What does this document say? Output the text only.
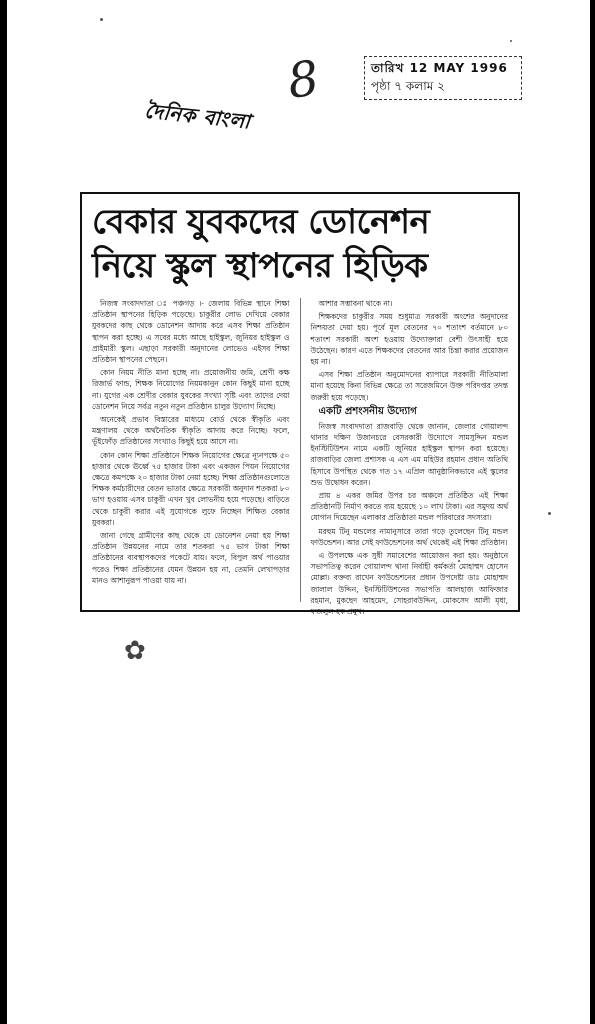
তারিখ 12 MAY 1996
পৃষ্ঠা ৭ কলাম ২
8
দৈনিক বাংলা
বেকার যুবকদের ডোনেশন
নিয়ে স্কুল স্থাপনের হিড়িক

নিজস্ব সংবাদদাতা ঃ পঞ্চগড় ।- জেলায় বিভিন্ন স্থানে শিক্ষা প্রতিষ্ঠান স্থাপনের হিড়িক পড়েছে। চাকুরীর লোভ দেখিয়ে বেকার যুবকদের কাছ থেকে ডোনেশন আদায় করে এসব শিক্ষা প্রতিষ্ঠান স্থাপন করা হচ্ছে। এ সবের মধ্যে আছে হাইস্কুল, জুনিয়র হাইস্কুল ও প্রাইমারী স্কুল। এছাড়া সরকারী অনুদানের লোভেও এইসব শিক্ষা প্রতিষ্ঠান স্থাপনের পেছনে।

কোন নিয়ম নীতি মানা হচ্ছে না। প্রয়োজনীয় জমি, শ্রেণী কক্ষ রিজার্ভ ফান্ড, শিক্ষক নিয়োগের নিয়মকানুন কোন কিছুই মানা হচ্ছে না। যুগের এক শ্রেণীর বেকার যুবকের সংখ্যা সৃষ্টি এবং তাদের দেয়া ডোনেশন নিয়ে সর্বত্র নতুন নতুন প্রতিষ্ঠান চালুর উদ্যোগ নিচ্ছে।

অনেকেই প্রভাব বিস্তারের মাধ্যমে বোর্ড থেকে স্বীকৃতি এবং মন্ত্রণালয় থেকে অর্থনৈতিক স্বীকৃতি আদায় করে নিচ্ছে। ফলে, ভূঁইফোঁড় প্রতিষ্ঠানের সংখ্যাও কিছুই হয়ে আসে না।

কোন কোন শিক্ষা প্রতিষ্ঠানে শিক্ষক নিয়োগের ক্ষেত্রে ন্যূনপক্ষে ৫০ হাজার থেকে ঊর্ধ্বে ৭৫ হাজার টাকা এবং একজন পিয়ন নিয়োগের ক্ষেত্রে কমপক্ষে ২০ হাজার টাকা নেয়া হচ্ছে। শিক্ষা প্রতিষ্ঠানগুলোতে শিক্ষক কর্মচারীদের বেতন ভাতার ক্ষেত্রে সরকারী অনুদান শতকরা ৮০ ভাগ হওয়ায় এসব চাকুরী এখন খুব লোভনীয় হয়ে পড়েছে। বাড়িতে থেকে চাকুরী করার এই সুযোগকে লুফে নিচ্ছেন শিক্ষিত বেকার যুবকরা।

জানা গেছে গ্রামীণের কাছ থেকে যে ডোনেশন নেয়া হয় শিক্ষা প্রতিষ্ঠান উন্নয়নের নামে তার শতকরা ৭৫ ভাগ টাকা শিক্ষা প্রতিষ্ঠানের ব্যবস্থাপকদের পকেটে যায়। ফলে, বিপুল অর্থ পাওয়ার পরেও শিক্ষা প্রতিষ্ঠানের যেমন উন্নয়ন হয় না, তেমনি লেখাপড়ার মানও আশানুরূপ পাওয়া যায় না।

আশার সম্ভাবনা থাকে না।

শিক্ষকদের চাকুরীর সময় শুধুমাত্র সরকারী অংশের অনুদানের নিশ্চয়তা দেয়া হয়। পূর্বে মূল বেতনের ৭০ শতাংশ বর্তমানে ৮০ শতাংশ সরকারী অংশ হওয়ায় উদ্যোক্তারা বেশী উৎসাহী হয়ে উঠেছেন। কারণ এতে শিক্ষকদের বেতনের আর চিন্তা করার প্রয়োজন হয় না।

এসব শিক্ষা প্রতিষ্ঠান অনুমোদনের ব্যাপারে সরকারী নীতিমালা মানা হয়েছে কিনা বিভিন্ন ক্ষেত্রে তা সরেজমিনে উক্ত পরিদপ্তর তদন্ত জরুরী হয়ে পড়েছে।

একটি প্রশংসনীয় উদ্যোগ

নিজস্ব সংবাদদাতা রাজবাড়ি থেকে জানান, জেলার গোয়ালন্দ থানার দক্ষিণ উজানচরে বেসরকারী উদ্যোগে সামসুদ্দিন মন্ডল ইনস্টিটিউশন নামে একটি জুনিয়র হাইস্কুল স্থাপন করা হয়েছে। রাজবাড়ির জেলা প্রশাসক এ এস এম মহিউর রহমান প্রধান অতিথি হিসাবে উপস্থিত থেকে গত ১৭ এপ্রিল আনুষ্ঠানিকভাবে এই স্কুলের শুভ উদ্বোধন করেন।

প্রায় ৪ একর জমির উপর চর অঞ্চলে প্রতিষ্ঠিত এই শিক্ষা প্রতিষ্ঠানটি নির্মাণ করতে ব্যয় হয়েছে ১০ লাখ টাকা। এর সমুদয় অর্থ যোগান দিয়েছেন এলাকার প্রতিষ্ঠাতা মন্ডল পরিবারের সদস্যরা।

মরহুম টিনু মন্ডলের নামানুসারে তারা গড়ে তুলেছেন টিনু মন্ডল ফাউন্ডেশন। আর সেই ফাউন্ডেশনের অর্থ থেকেই এই শিক্ষা প্রতিষ্ঠান।

এ উপলক্ষে এক সুধী সমাবেশের আয়োজন করা হয়। অনুষ্ঠানে সভাপতিত্ব করেন গোয়ালন্দ থানা নির্বাহী কর্মকর্তা মোহাম্মদ হোসেন মোল্লা। বক্তব্য রাখেন ফাউন্ডেশনের প্রধান উপদেষ্টা ডাঃ মোহাম্মদ জালাল উদ্দিন, ইনস্টিটিউশনের সভাপতি আলহাজ আফিজার রহমান, মুকছেদ আহমেদ, সোহরাবউদ্দিন, মোকসেদ আলী মৃধা, ফজলুল হক প্রমুখ।

✿
